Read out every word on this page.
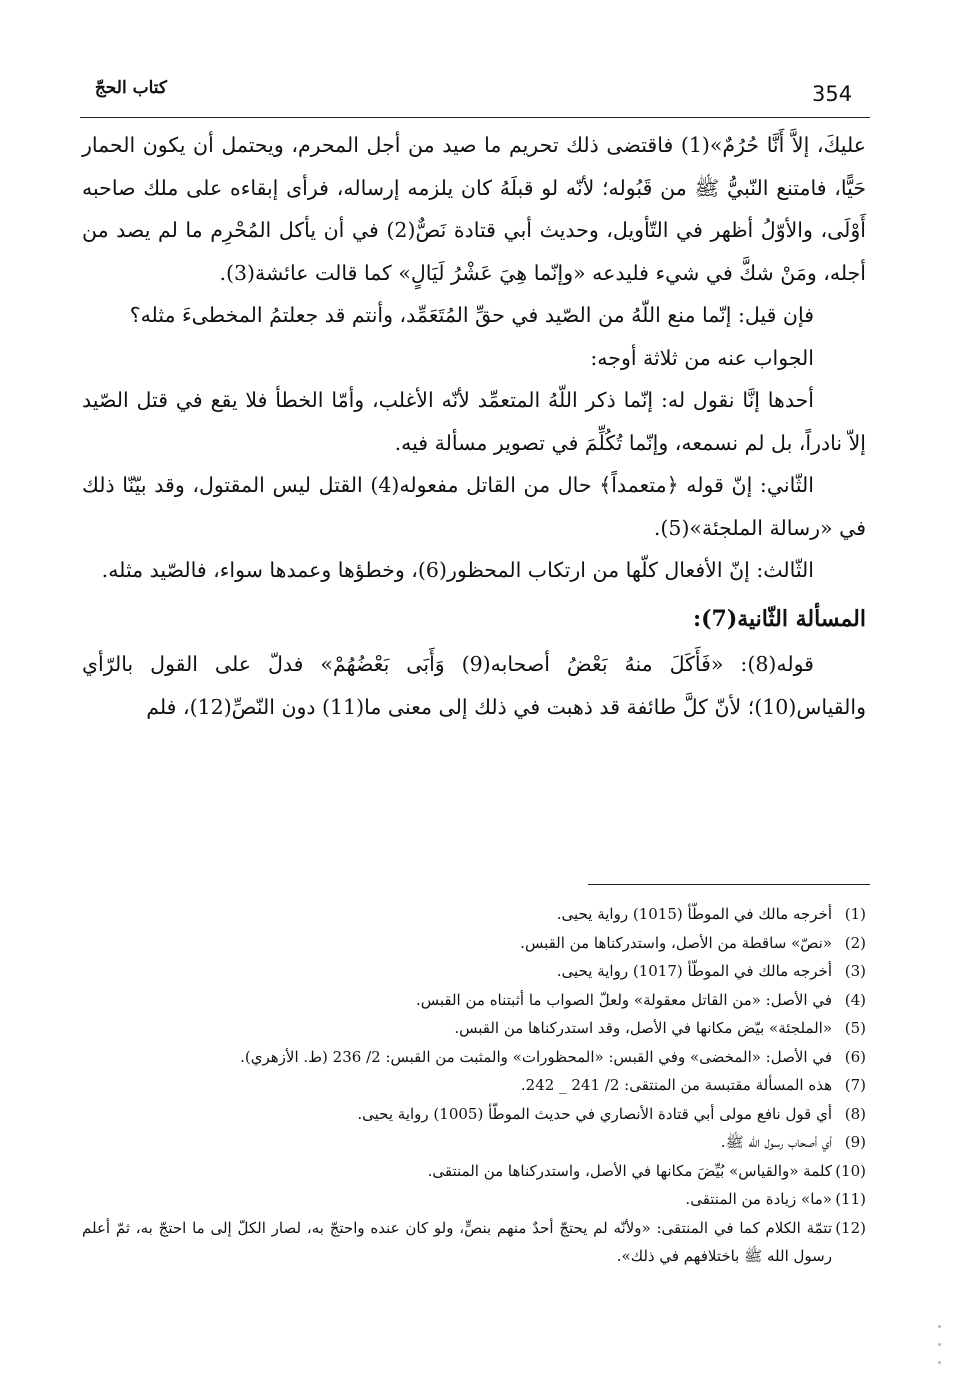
كتاب الحجّ	354

عليكَ، إلاَّ أَنَّا حُرُمٌ»(1) فاقتضى ذلك تحريم ما صيد من أجل المحرم، ويحتمل أن يكون الحمار حَيًّا، فامتنع النّبيُّ ﷺ من قَبُوله؛ لأنّه لو قبلَهُ كان يلزمه إرساله، فرأى إبقاءه على ملك صاحبه أَوْلَى، والأوّلُ أظهر في التّأويل، وحديث أبي قتادة نَصٌّ(2) في أن يأكل المُحْرِم ما لم يصد من أجله، ومَنْ شكَّ في شيء فليدعه «وإنّما هِيَ عَشْرُ لَيَالٍ» كما قالت عائشة(3).

فإن قيل: إنّما منع اللّهُ من الصّيد في حقِّ المُتَعَمِّد، وأنتم قد جعلتمُ المخطىءَ مثله؟

الجواب عنه من ثلاثة أوجه:

أحدها إنَّا نقول له: إنّما ذكر اللّهُ المتعمِّد لأنّه الأغلب، وأمّا الخطأ فلا يقع في قتل الصّيد إلاّ نادراً، بل لم نسمعه، وإنّما تُكُلِّمَ في تصوير مسألة فيه.

الثّاني: إنّ قوله ﴿متعمداً﴾ حال من القاتل مفعوله(4) القتل ليس المقتول، وقد بيّنّا ذلك في «رسالة الملجئة»(5).

الثّالث: إنّ الأفعال كلّها من ارتكاب المحظور(6)، وخطؤها وعمدها سواء، فالصّيد مثله.

المسألة الثّانية(7):

قوله(8): «فَأَكَلَ منهُ بَعْضُ أصحابه(9) وَأَبَى بَعْضُهُمْ» فدلّ على القول بالرّأي والقياس(10)؛ لأنّ كلَّ طائفة قد ذهبت في ذلك إلى معنى ما(11) دون النّصِّ(12)، فلم

(1)
أخرجه مالك في الموطّأ (1015) رواية يحيى.
(2)
«نصّ» ساقطة من الأصل، واستدركناها من القبس.
(3)
أخرجه مالك في الموطّأ (1017) رواية يحيى.
(4)
في الأصل: «من القاتل معقولة» ولعلّ الصواب ما أثبتناه من القبس.
(5)
«الملجئة» بيّض مكانها في الأصل، وقد استدركناها من القبس.
(6)
في الأصل: «المخضى» وفي القبس: «المحظورات» والمثبت من القبس: 2/ 236 (ط. الأزهري).
(7)
هذه المسألة مقتبسة من المنتقى: 2/ 241 _ 242.
(8)
أي قول نافع مولى أبي قتادة الأنصاري في حديث الموطّأ (1005) رواية يحيى.
(9)
أي أصحاب رسول الله ﷺ.
(10)
كلمة «والقياس» بُيِّضَ مكانها في الأصل، واستدركناها من المنتقى.
(11)
«ما» زيادة من المنتقى.
(12)
تتمّة الكلام كما في المنتقى: «ولأنّه لم يحتجّ أحدٌ منهم بنصٍّ، ولو كان عنده واحتجّ به، لصار الكلّ إلى ما احتجّ به، ثمّ أعلم رسول الله ﷺ باختلافهم في ذلك».
